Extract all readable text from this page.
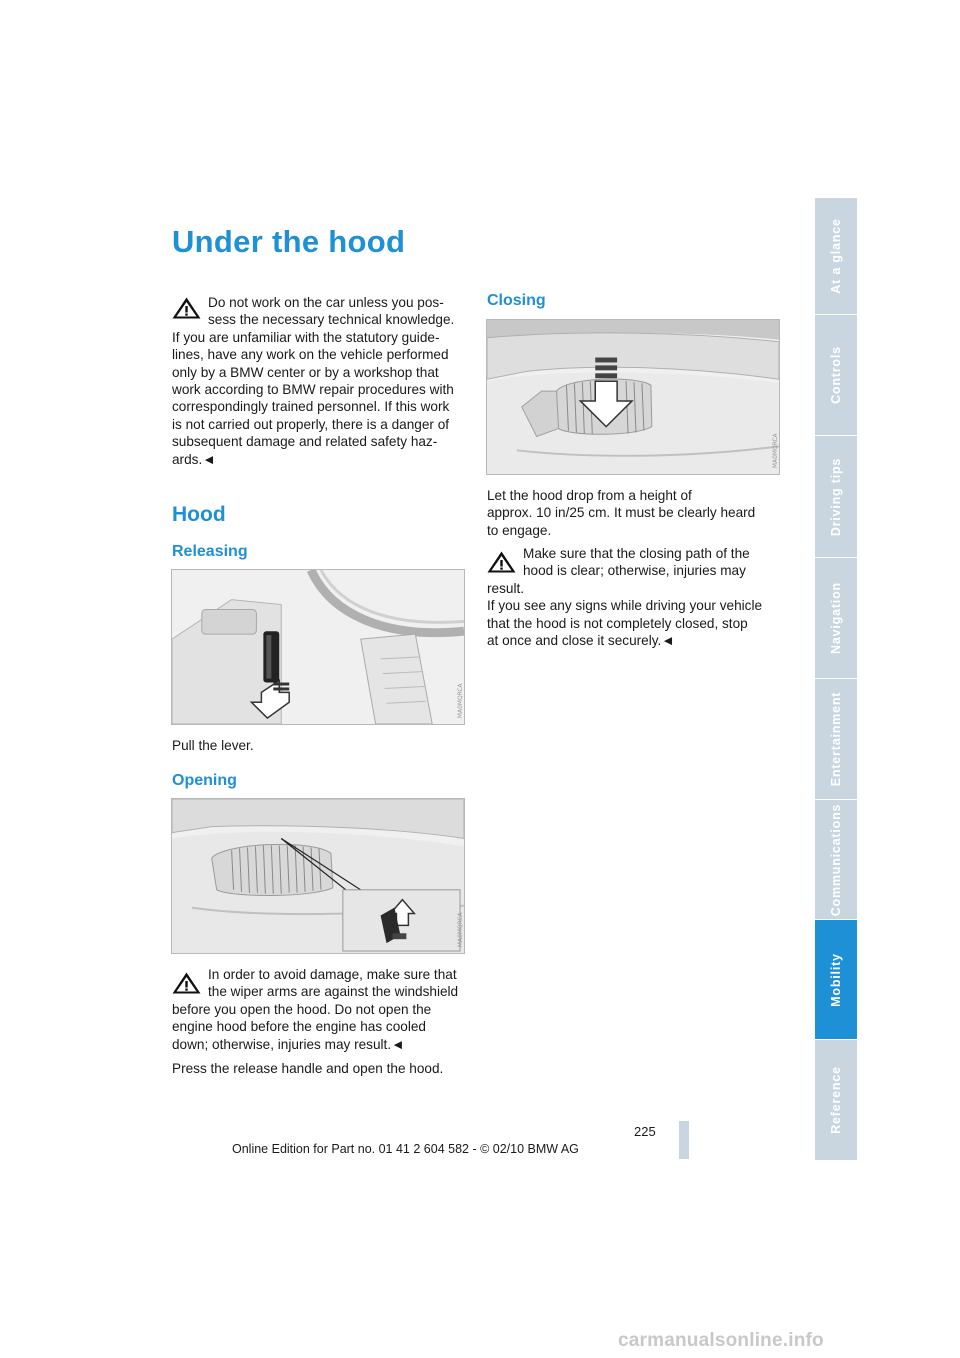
Under the hood
Do not work on the car unless you pos-
sess the necessary technical knowledge.
If you are unfamiliar with the statutory guide-
lines, have any work on the vehicle performed
only by a BMW center or by a workshop that
work according to BMW repair procedures with
correspondingly trained personnel. If this work
is not carried out properly, there is a danger of
subsequent damage and related safety haz-
ards.◄
Hood
Releasing
MA0MQRCA
Pull the lever.
Opening
MA0MQRCA
In order to avoid damage, make sure that
the wiper arms are against the windshield
before you open the hood. Do not open the
engine hood before the engine has cooled
down; otherwise, injuries may result.◄
Press the release handle and open the hood.
Closing
MA0MQRCA
Let the hood drop from a height of
approx. 10 in/25 cm. It must be clearly heard
to engage.
Make sure that the closing path of the
hood is clear; otherwise, injuries may
result.
If you see any signs while driving your vehicle
that the hood is not completely closed, stop
at once and close it securely.◄
At a glance
Controls
Driving tips
Navigation
Entertainment
Communications
Mobility
Reference
225
Online Edition for Part no. 01 41 2 604 582 - © 02/10 BMW AG
carmanualsonline.info
